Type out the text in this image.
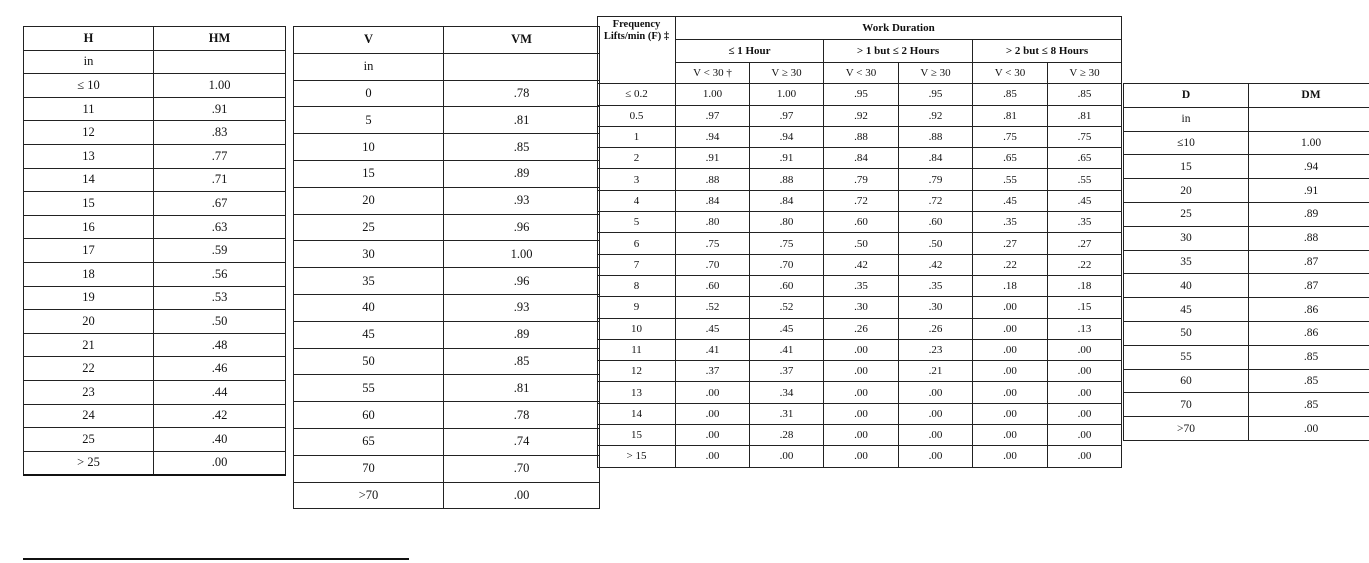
H	HM
in	
≤ 10	1.00
11	.91
12	.83
13	.77
14	.71
15	.67
16	.63
17	.59
18	.56
19	.53
20	.50
21	.48
22	.46
23	.44
24	.42
25	.40
> 25	.00
V	VM
in	
0	.78
5	.81
10	.85
15	.89
20	.93
25	.96
30	1.00
35	.96
40	.93
45	.89
50	.85
55	.81
60	.78
65	.74
70	.70
>70	.00
Frequency Lifts/min (F) ‡	Work Duration					
	≤ 1 Hour		> 1 but ≤ 2 Hours		> 2 but ≤ 8 Hours	
	V < 30 †	V ≥ 30	V < 30	V ≥ 30	V < 30	V ≥ 30
≤ 0.2	1.00	1.00	.95	.95	.85	.85
0.5	.97	.97	.92	.92	.81	.81
1	.94	.94	.88	.88	.75	.75
2	.91	.91	.84	.84	.65	.65
3	.88	.88	.79	.79	.55	.55
4	.84	.84	.72	.72	.45	.45
5	.80	.80	.60	.60	.35	.35
6	.75	.75	.50	.50	.27	.27
7	.70	.70	.42	.42	.22	.22
8	.60	.60	.35	.35	.18	.18
9	.52	.52	.30	.30	.00	.15
10	.45	.45	.26	.26	.00	.13
11	.41	.41	.00	.23	.00	.00
12	.37	.37	.00	.21	.00	.00
13	.00	.34	.00	.00	.00	.00
14	.00	.31	.00	.00	.00	.00
15	.00	.28	.00	.00	.00	.00
> 15	.00	.00	.00	.00	.00	.00
D	DM
in	
≤10	1.00
15	.94
20	.91
25	.89
30	.88
35	.87
40	.87
45	.86
50	.86
55	.85
60	.85
70	.85
>70	.00
